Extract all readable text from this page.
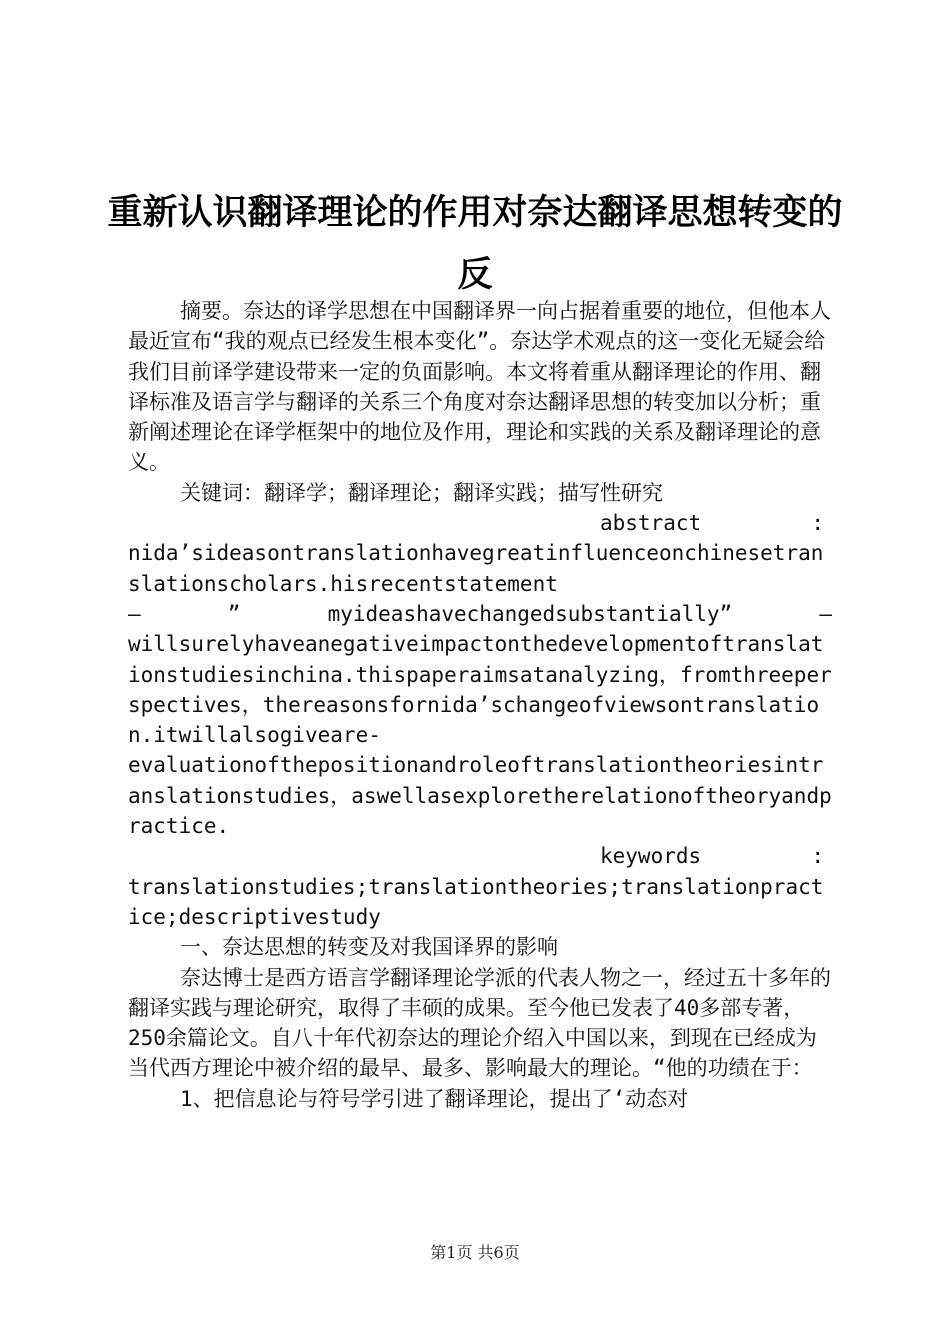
重新认识翻译理论的作用对奈达翻译思想转变的反

摘要。奈达的译学思想在中国翻译界一向占据着重要的地位，但他本人最近宣布“我的观点已经发生根本变化”。奈达学术观点的这一变化无疑会给我们目前译学建设带来一定的负面影响。本文将着重从翻译理论的作用、翻译标准及语言学与翻译的关系三个角度对奈达翻译思想的转变加以分析；重新阐述理论在译学框架中的地位及作用，理论和实践的关系及翻译理论的意义。

关键词：翻译学；翻译理论；翻译实践；描写性研究

abstract	:

nida’sideasontranslationhavegreatinfluenceonchinesetranslationscholars.hisrecentstatement

—	”	myideashavechangedsubstantially”	—

willsurelyhaveanegativeimpactonthedevelopmentoftranslationstudiesinchina.thispaperaimsatanalyzing，fromthreeperspectives，thereasonsfornida’schangeofviewsontranslation.itwillalsogiveare-

evaluationofthepositionandroleoftranslationtheoriesintranslationstudies，aswellasexploretherelationoftheoryandpractice.

keywords	:

translationstudies;translationtheories;translationpractice;descriptivestudy

一、奈达思想的转变及对我国译界的影响

奈达博士是西方语言学翻译理论学派的代表人物之一，经过五十多年的翻译实践与理论研究，取得了丰硕的成果。至今他已发表了40多部专著，250余篇论文。自八十年代初奈达的理论介绍入中国以来，到现在已经成为当代西方理论中被介绍的最早、最多、影响最大的理论。“他的功绩在于：

1、把信息论与符号学引进了翻译理论，提出了‘动态对

第1页 共6页
